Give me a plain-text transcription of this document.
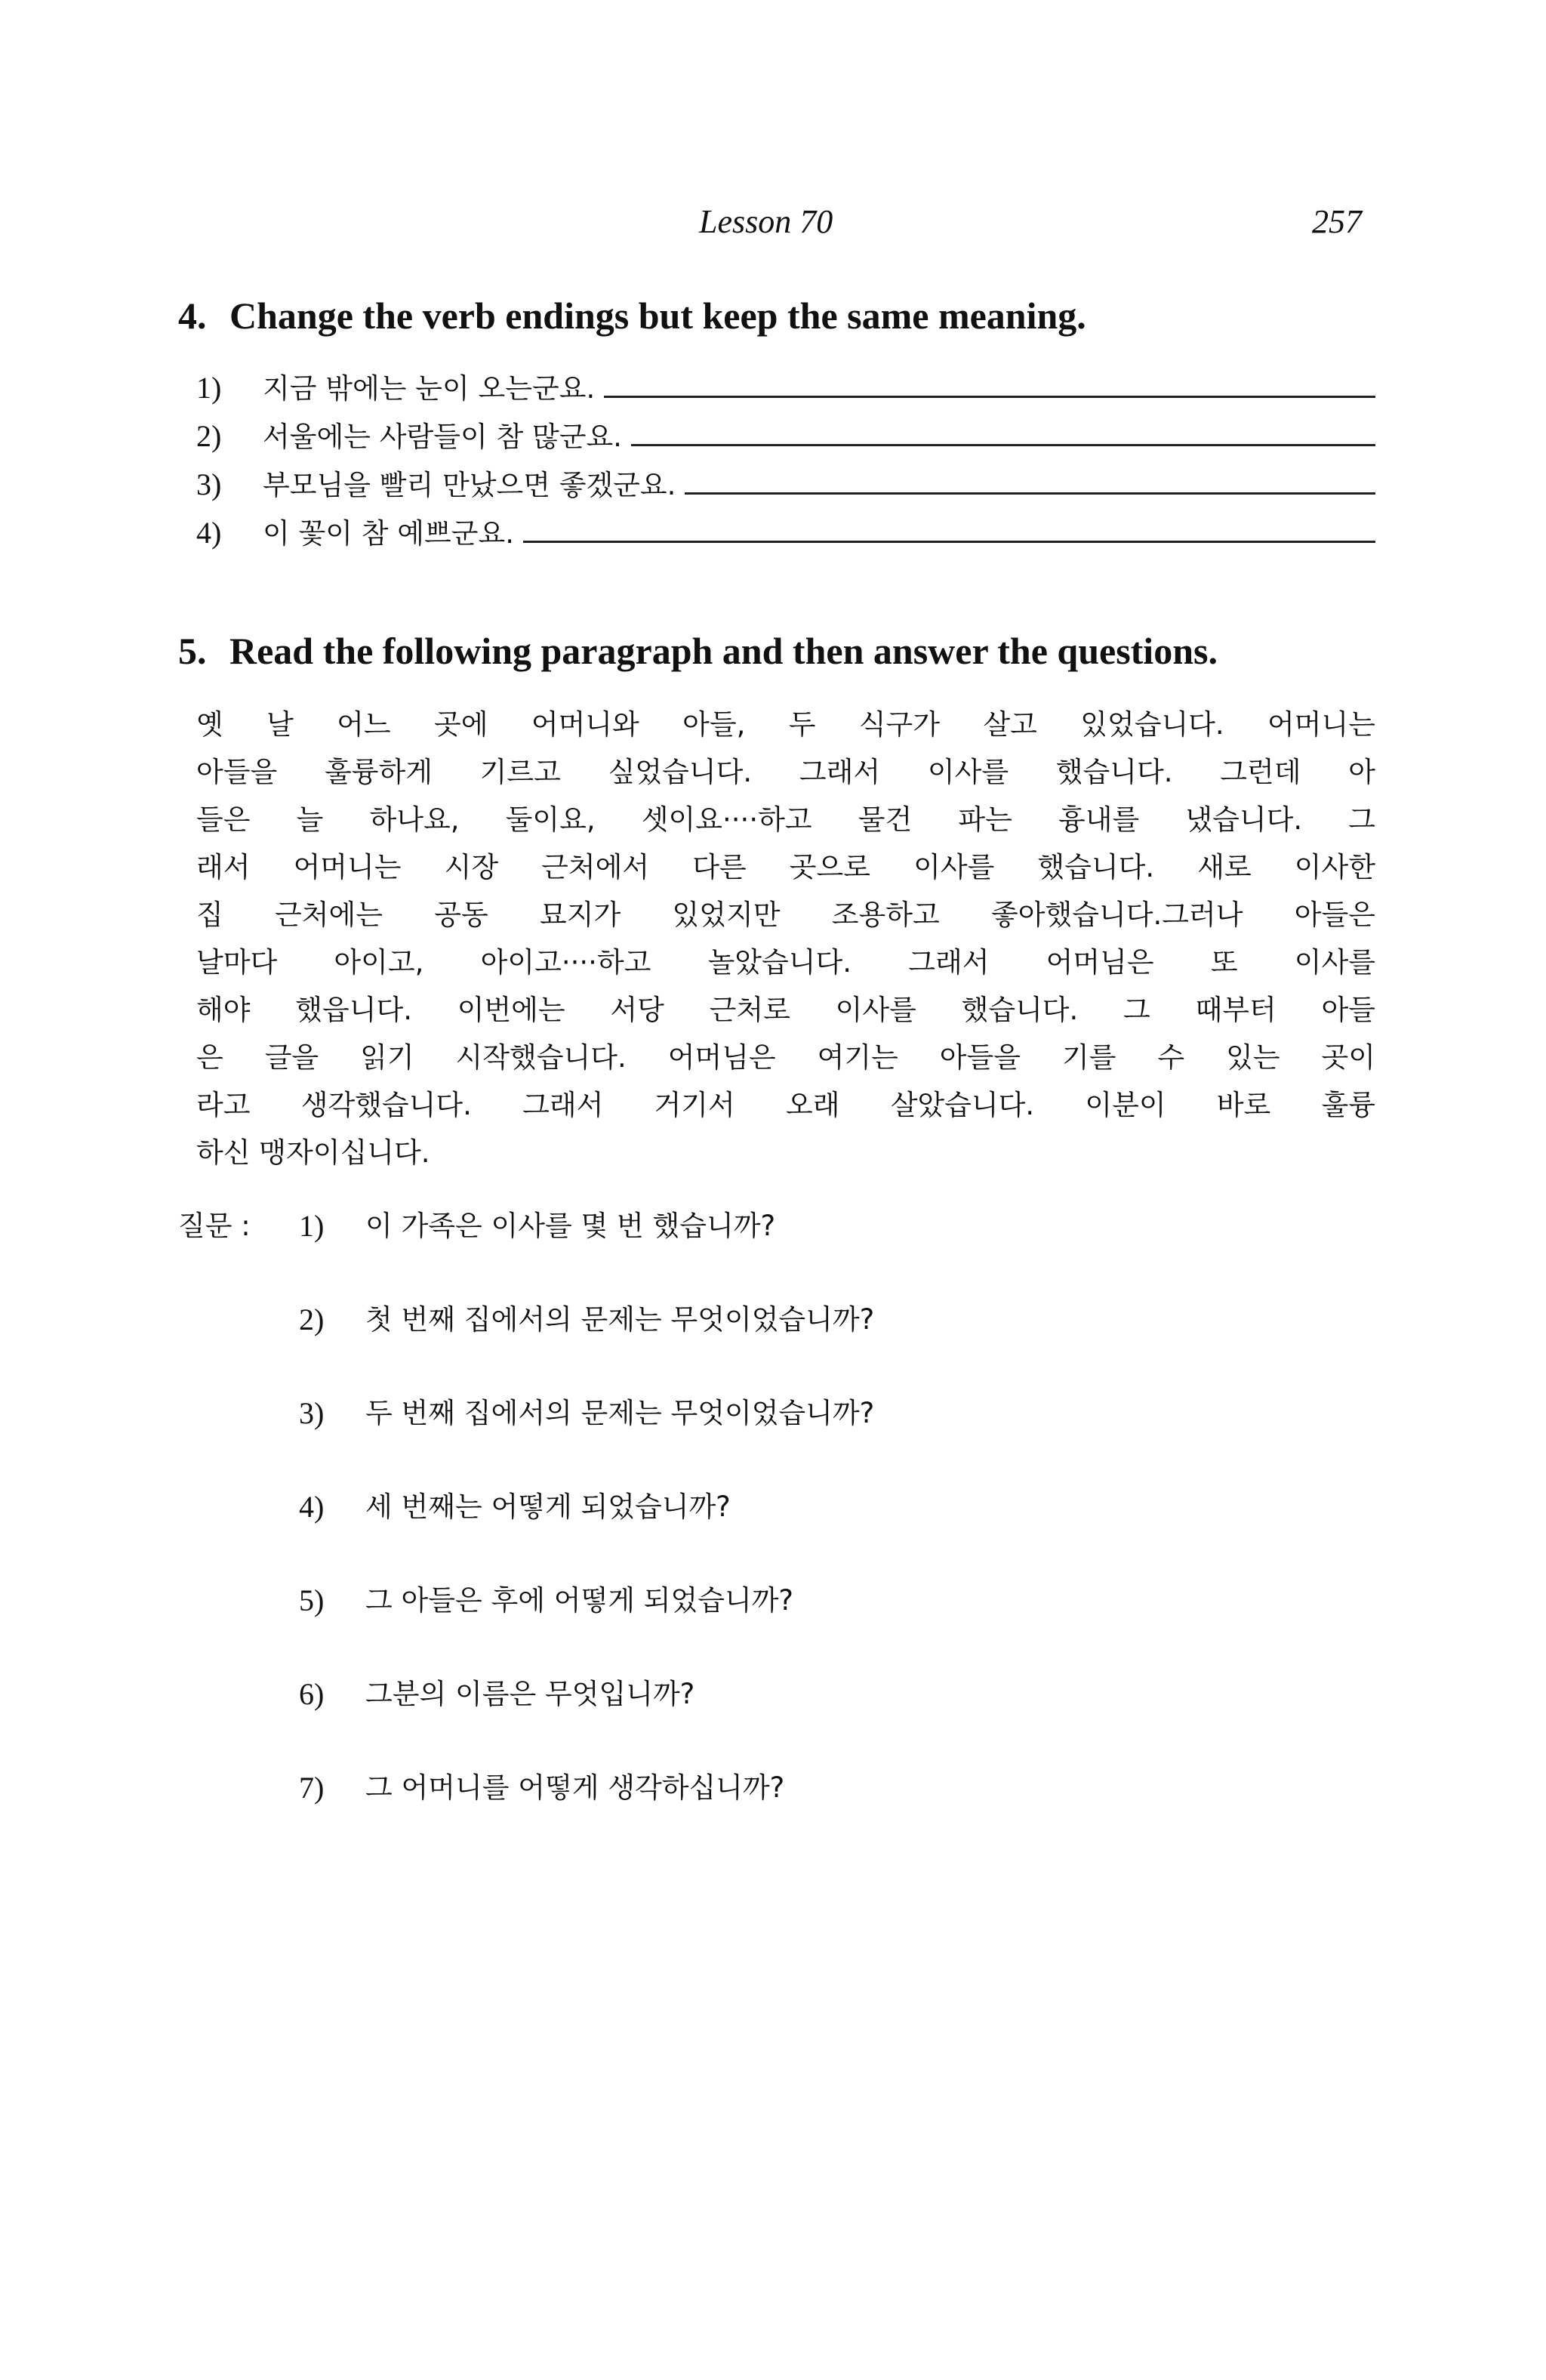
Lesson 70	257
4. Change the verb endings but keep the same meaning.
1)	지금 밖에는 눈이 오는군요.
2)	서울에는 사람들이 참 많군요.
3)	부모님을 빨리 만났으면 좋겠군요.
4)	이 꽃이 참 예쁘군요.
5. Read the following paragraph and then answer the questions.

옛 날 어느 곳에 어머니와 아들, 두 식구가 살고 있었습니다. 어머니는
아들을 훌륭하게 기르고 싶었습니다. 그래서 이사를 했습니다. 그런데 아
들은 늘 하나요, 둘이요, 셋이요····하고 물건 파는 흉내를 냈습니다. 그
래서 어머니는 시장 근처에서 다른 곳으로 이사를 했습니다. 새로 이사한
집 근처에는 공동 묘지가 있었지만 조용하고 좋아했습니다.그러나 아들은
날마다 아이고, 아이고····하고 놀았습니다. 그래서 어머님은 또 이사를
해야 했읍니다. 이번에는 서당 근처로 이사를 했습니다. 그 때부터 아들
은 글을 읽기 시작했습니다. 어머님은 여기는 아들을 기를 수 있는 곳이
라고 생각했습니다. 그래서 거기서 오래 살았습니다. 이분이 바로 훌륭
하신 맹자이십니다.

질문 : 1) 이 가족은 이사를 몇 번 했습니까?
2) 첫 번째 집에서의 문제는 무엇이었습니까?
3) 두 번째 집에서의 문제는 무엇이었습니까?
4) 세 번째는 어떻게 되었습니까?
5) 그 아들은 후에 어떻게 되었습니까?
6) 그분의 이름은 무엇입니까?
7) 그 어머니를 어떻게 생각하십니까?
